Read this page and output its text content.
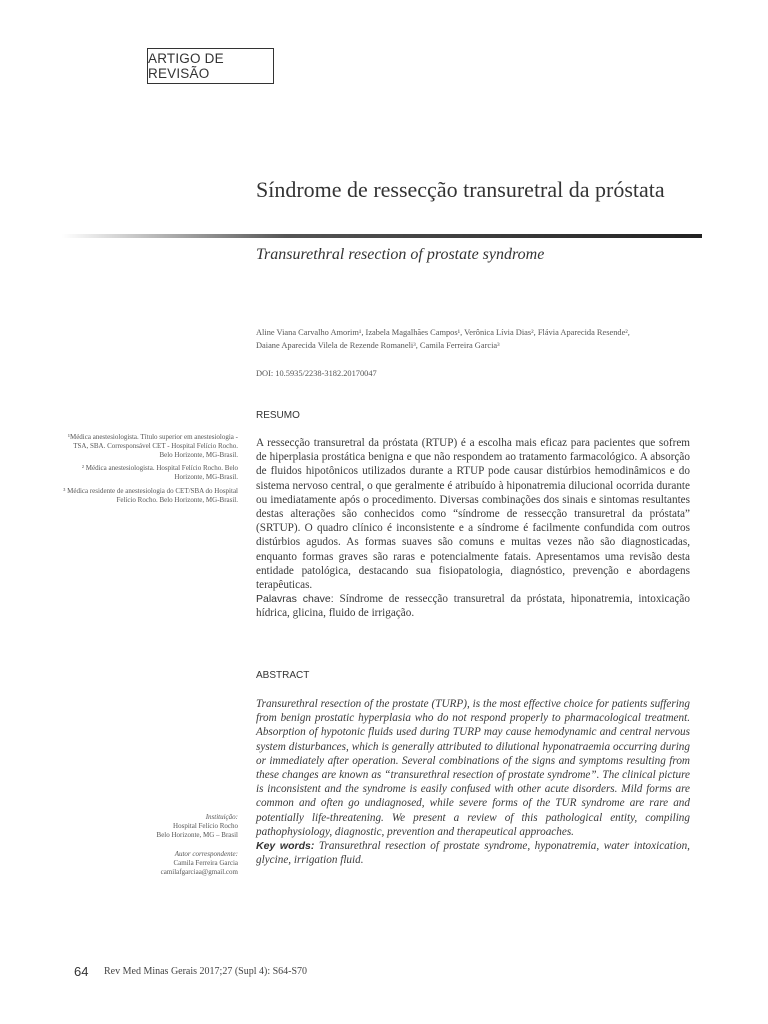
ARTIGO DE REVISÃO
Síndrome de ressecção transuretral da próstata
Transurethral resection of prostate syndrome
Aline Viana Carvalho Amorim¹, Izabela Magalhães Campos¹, Verônica Lívia Dias², Flávia Aparecida Resende²,
Daiane Aparecida Vilela de Rezende Romaneli³, Camila Ferreira Garcia³
DOI: 10.5935/2238-3182.20170047
RESUMO
A ressecção transuretral da próstata (RTUP) é a escolha mais eficaz para pacientes que sofrem de hiperplasia prostática benigna e que não respondem ao tratamento farmacológico. A absorção de fluidos hipotônicos utilizados durante a RTUP pode causar distúrbios hemodinâmicos e do sistema nervoso central, o que geralmente é atribuído à hiponatremia dilucional ocorrida durante ou imediatamente após o procedimento. Diversas combinações dos sinais e sintomas resultantes destas alterações são conhecidos como “síndrome de ressecção transuretral da próstata” (SRTUP). O quadro clínico é inconsistente e a síndrome é facilmente confundida com outros distúrbios agudos. As formas suaves são comuns e muitas vezes não são diagnosticadas, enquanto formas graves são raras e potencialmente fatais. Apresentamos uma revisão desta entidade patológica, destacando sua fisiopatologia, diagnóstico, prevenção e abordagens terapêuticas.
Palavras chave: Síndrome de ressecção transuretral da próstata, hiponatremia, intoxicação hídrica, glicina, fluido de irrigação.
ABSTRACT
Transurethral resection of the prostate (TURP), is the most effective choice for patients suffering from benign prostatic hyperplasia who do not respond properly to pharmacological treatment. Absorption of hypotonic fluids used during TURP may cause hemodynamic and central nervous system disturbances, which is generally attributed to dilutional hyponatraemia occurring during or immediately after operation. Several combinations of the signs and symptoms resulting from these changes are known as “transurethral resection of prostate syndrome”. The clinical picture is inconsistent and the syndrome is easily confused with other acute disorders. Mild forms are common and often go undiagnosed, while severe forms of the TUR syndrome are rare and potentially life-threatening. We present a review of this pathological entity, compiling pathophysiology, diagnostic, prevention and therapeutical approaches.
Key words: Transurethral resection of prostate syndrome, hyponatremia, water intoxication, glycine, irrigation fluid.
¹Médica anestesiologista. Título superior em anestesiologia - TSA, SBA. Corresponsável CET - Hospital Felício Rocho. Belo Horizonte, MG-Brasil.
² Médica anestesiologista. Hospital Felício Rocho. Belo Horizonte, MG-Brasil.
³ Médica residente de anestesiologia do CET/SBA do Hospital Felício Rocho. Belo Horizonte, MG-Brasil.
Instituição:
Hospital Felício Rocho
Belo Horizonte, MG – Brasil
Autor correspondente:
Camila Ferreira Garcia
camilafgarciaa@gmail.com
64 Rev Med Minas Gerais 2017;27 (Supl 4): S64-S70
